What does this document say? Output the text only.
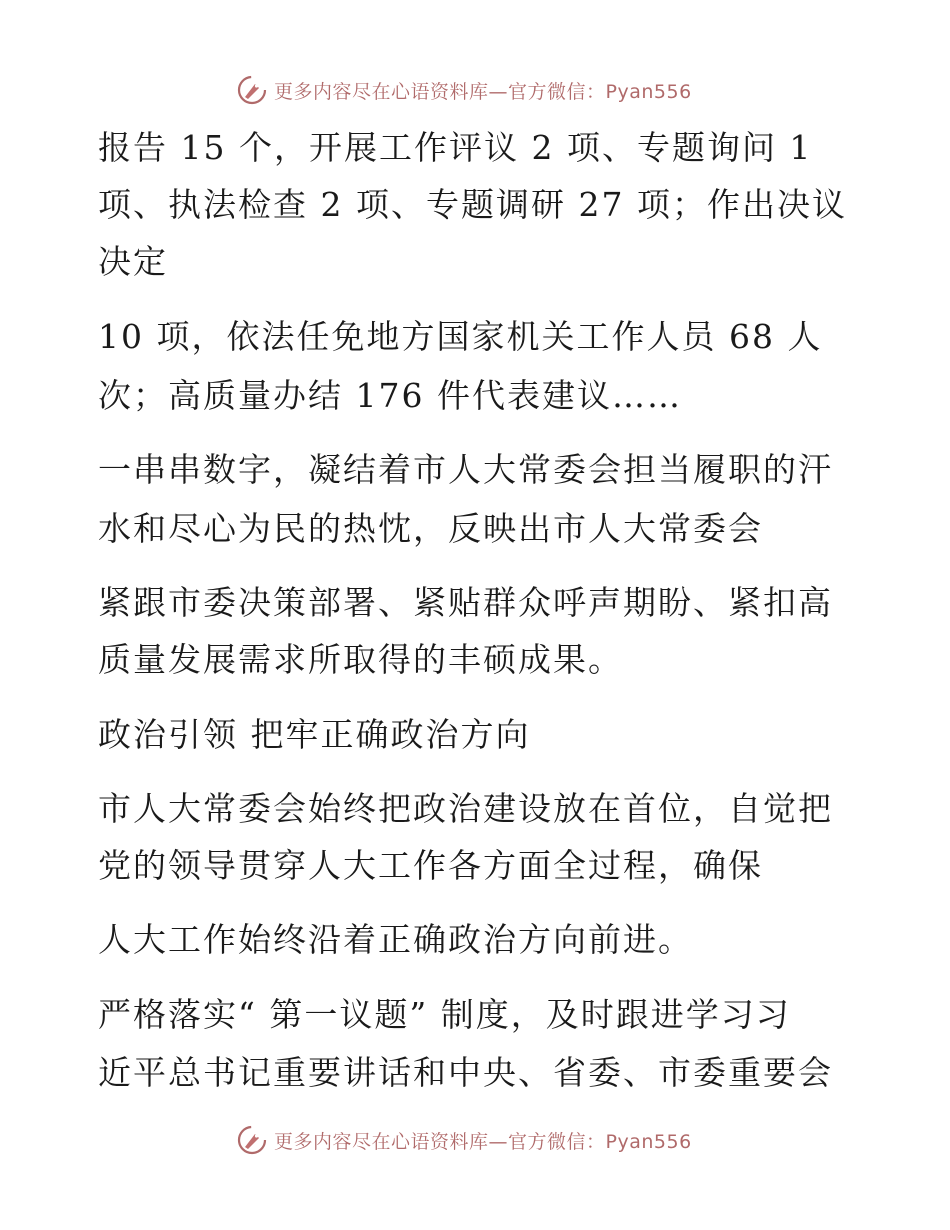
更多内容尽在心语资料库—官方微信：Pyan556
报告 15 个，开展工作评议 2 项、专题询问 1
项、执法检查 2 项、专题调研 27 项；作出决议
决定
10 项，依法任免地方国家机关工作人员 68 人
次；高质量办结 176 件代表建议……
一串串数字，凝结着市人大常委会担当履职的汗
水和尽心为民的热忱，反映出市人大常委会
紧跟市委决策部署、紧贴群众呼声期盼、紧扣高
质量发展需求所取得的丰硕成果。
政治引领 把牢正确政治方向
市人大常委会始终把政治建设放在首位，自觉把
党的领导贯穿人大工作各方面全过程，确保
人大工作始终沿着正确政治方向前进。
严格落实“ 第一议题” 制度，及时跟进学习习
近平总书记重要讲话和中央、省委、市委重要会
更多内容尽在心语资料库—官方微信：Pyan556
